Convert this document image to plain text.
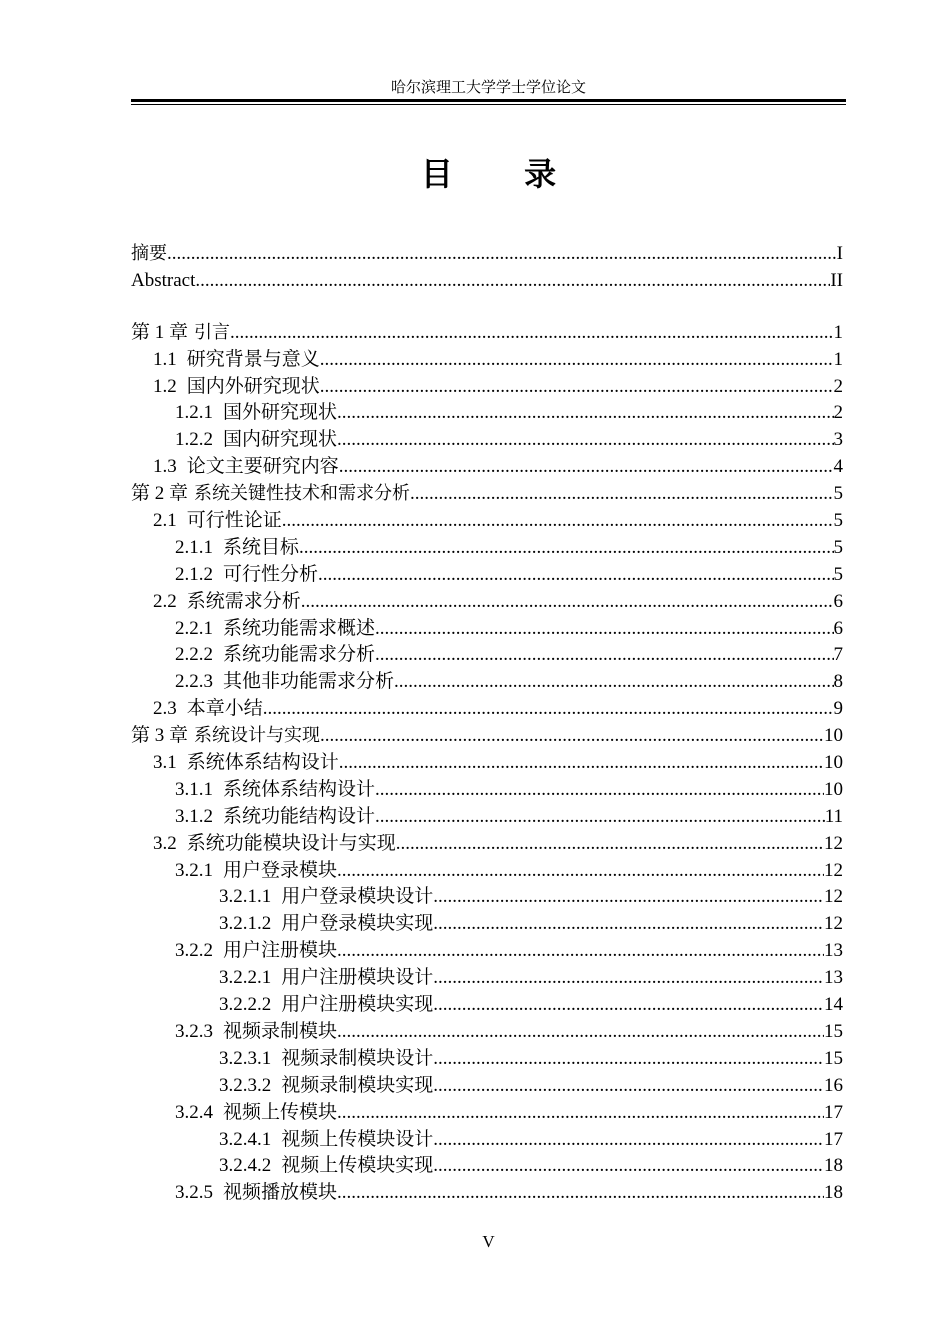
哈尔滨理工大学学士学位论文
目 录
摘要 .....	I
Abstract .....	II
第 1 章 引言 .....	1
1.1 研究背景与意义 .....	1
1.2 国内外研究现状 .....	2
1.2.1 国外研究现状 .....	2
1.2.2 国内研究现状 .....	3
1.3 论文主要研究内容 .....	4
第 2 章 系统关键性技术和需求分析 .....	5
2.1 可行性论证 .....	5
2.1.1 系统目标 .....	5
2.1.2 可行性分析 .....	5
2.2 系统需求分析 .....	6
2.2.1 系统功能需求概述 .....	6
2.2.2 系统功能需求分析 .....	7
2.2.3 其他非功能需求分析 .....	8
2.3 本章小结 .....	9
第 3 章 系统设计与实现 .....	10
3.1 系统体系结构设计 .....	10
3.1.1 系统体系结构设计 .....	10
3.1.2 系统功能结构设计 .....	11
3.2 系统功能模块设计与实现 .....	12
3.2.1 用户登录模块 .....	12
3.2.1.1 用户登录模块设计 .....	12
3.2.1.2 用户登录模块实现 .....	12
3.2.2 用户注册模块 .....	13
3.2.2.1 用户注册模块设计 .....	13
3.2.2.2 用户注册模块实现 .....	14
3.2.3 视频录制模块 .....	15
3.2.3.1 视频录制模块设计 .....	15
3.2.3.2 视频录制模块实现 .....	16
3.2.4 视频上传模块 .....	17
3.2.4.1 视频上传模块设计 .....	17
3.2.4.2 视频上传模块实现 .....	18
3.2.5 视频播放模块 .....	18
V
